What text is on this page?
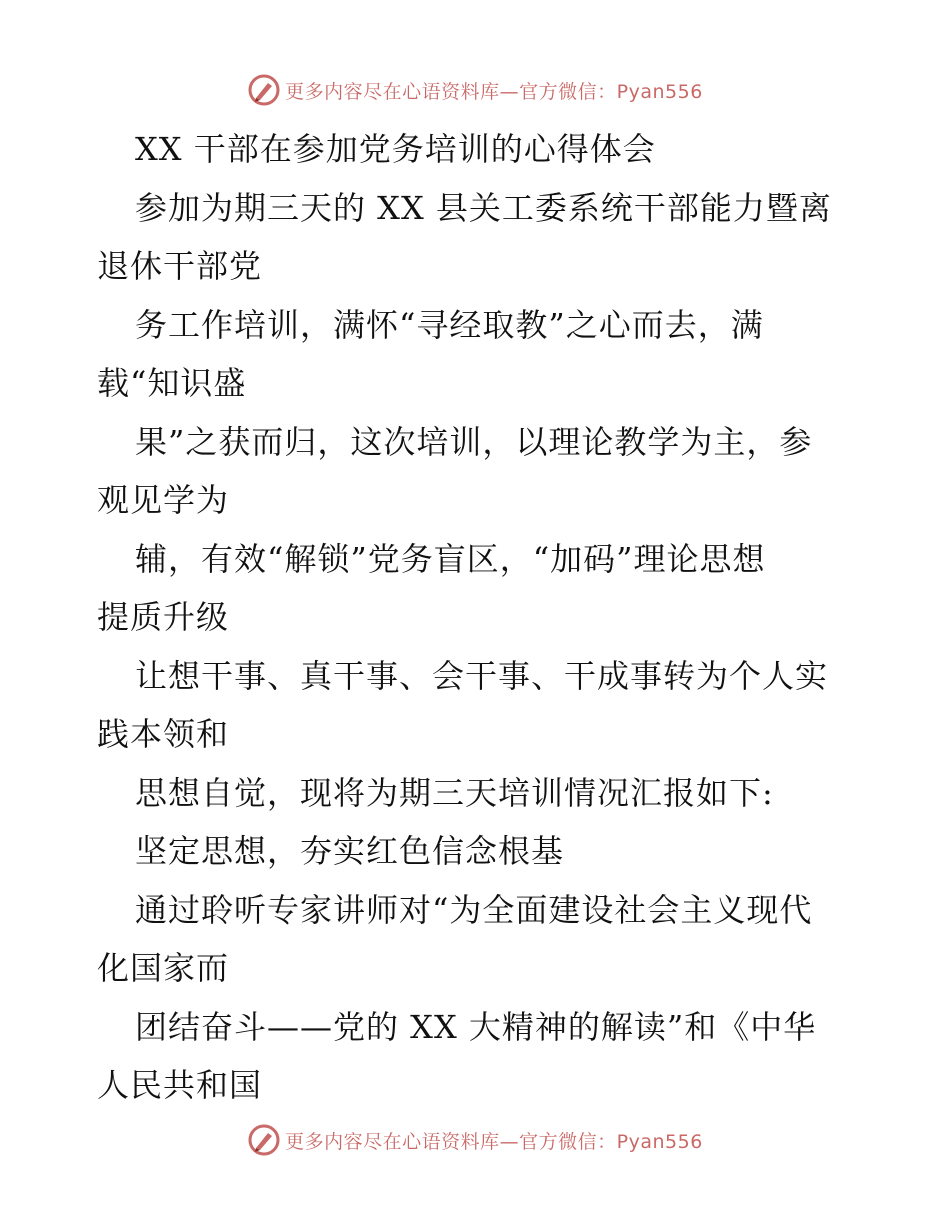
更多内容尽在心语资料库—官方微信：Pyan556
XX 干部在参加党务培训的心得体会
参加为期三天的 XX 县关工委系统干部能力暨离
退休干部党
务工作培训，满怀“寻经取教”之心而去，满
载“知识盛
果”之获而归，这次培训，以理论教学为主，参
观见学为
辅，有效“解锁”党务盲区，“加码”理论思想
提质升级
让想干事、真干事、会干事、干成事转为个人实
践本领和
思想自觉，现将为期三天培训情况汇报如下:
坚定思想，夯实红色信念根基
通过聆听专家讲师对“为全面建设社会主义现代
化国家而
团结奋斗——党的 XX 大精神的解读”和《中华
人民共和国
更多内容尽在心语资料库—官方微信：Pyan556
